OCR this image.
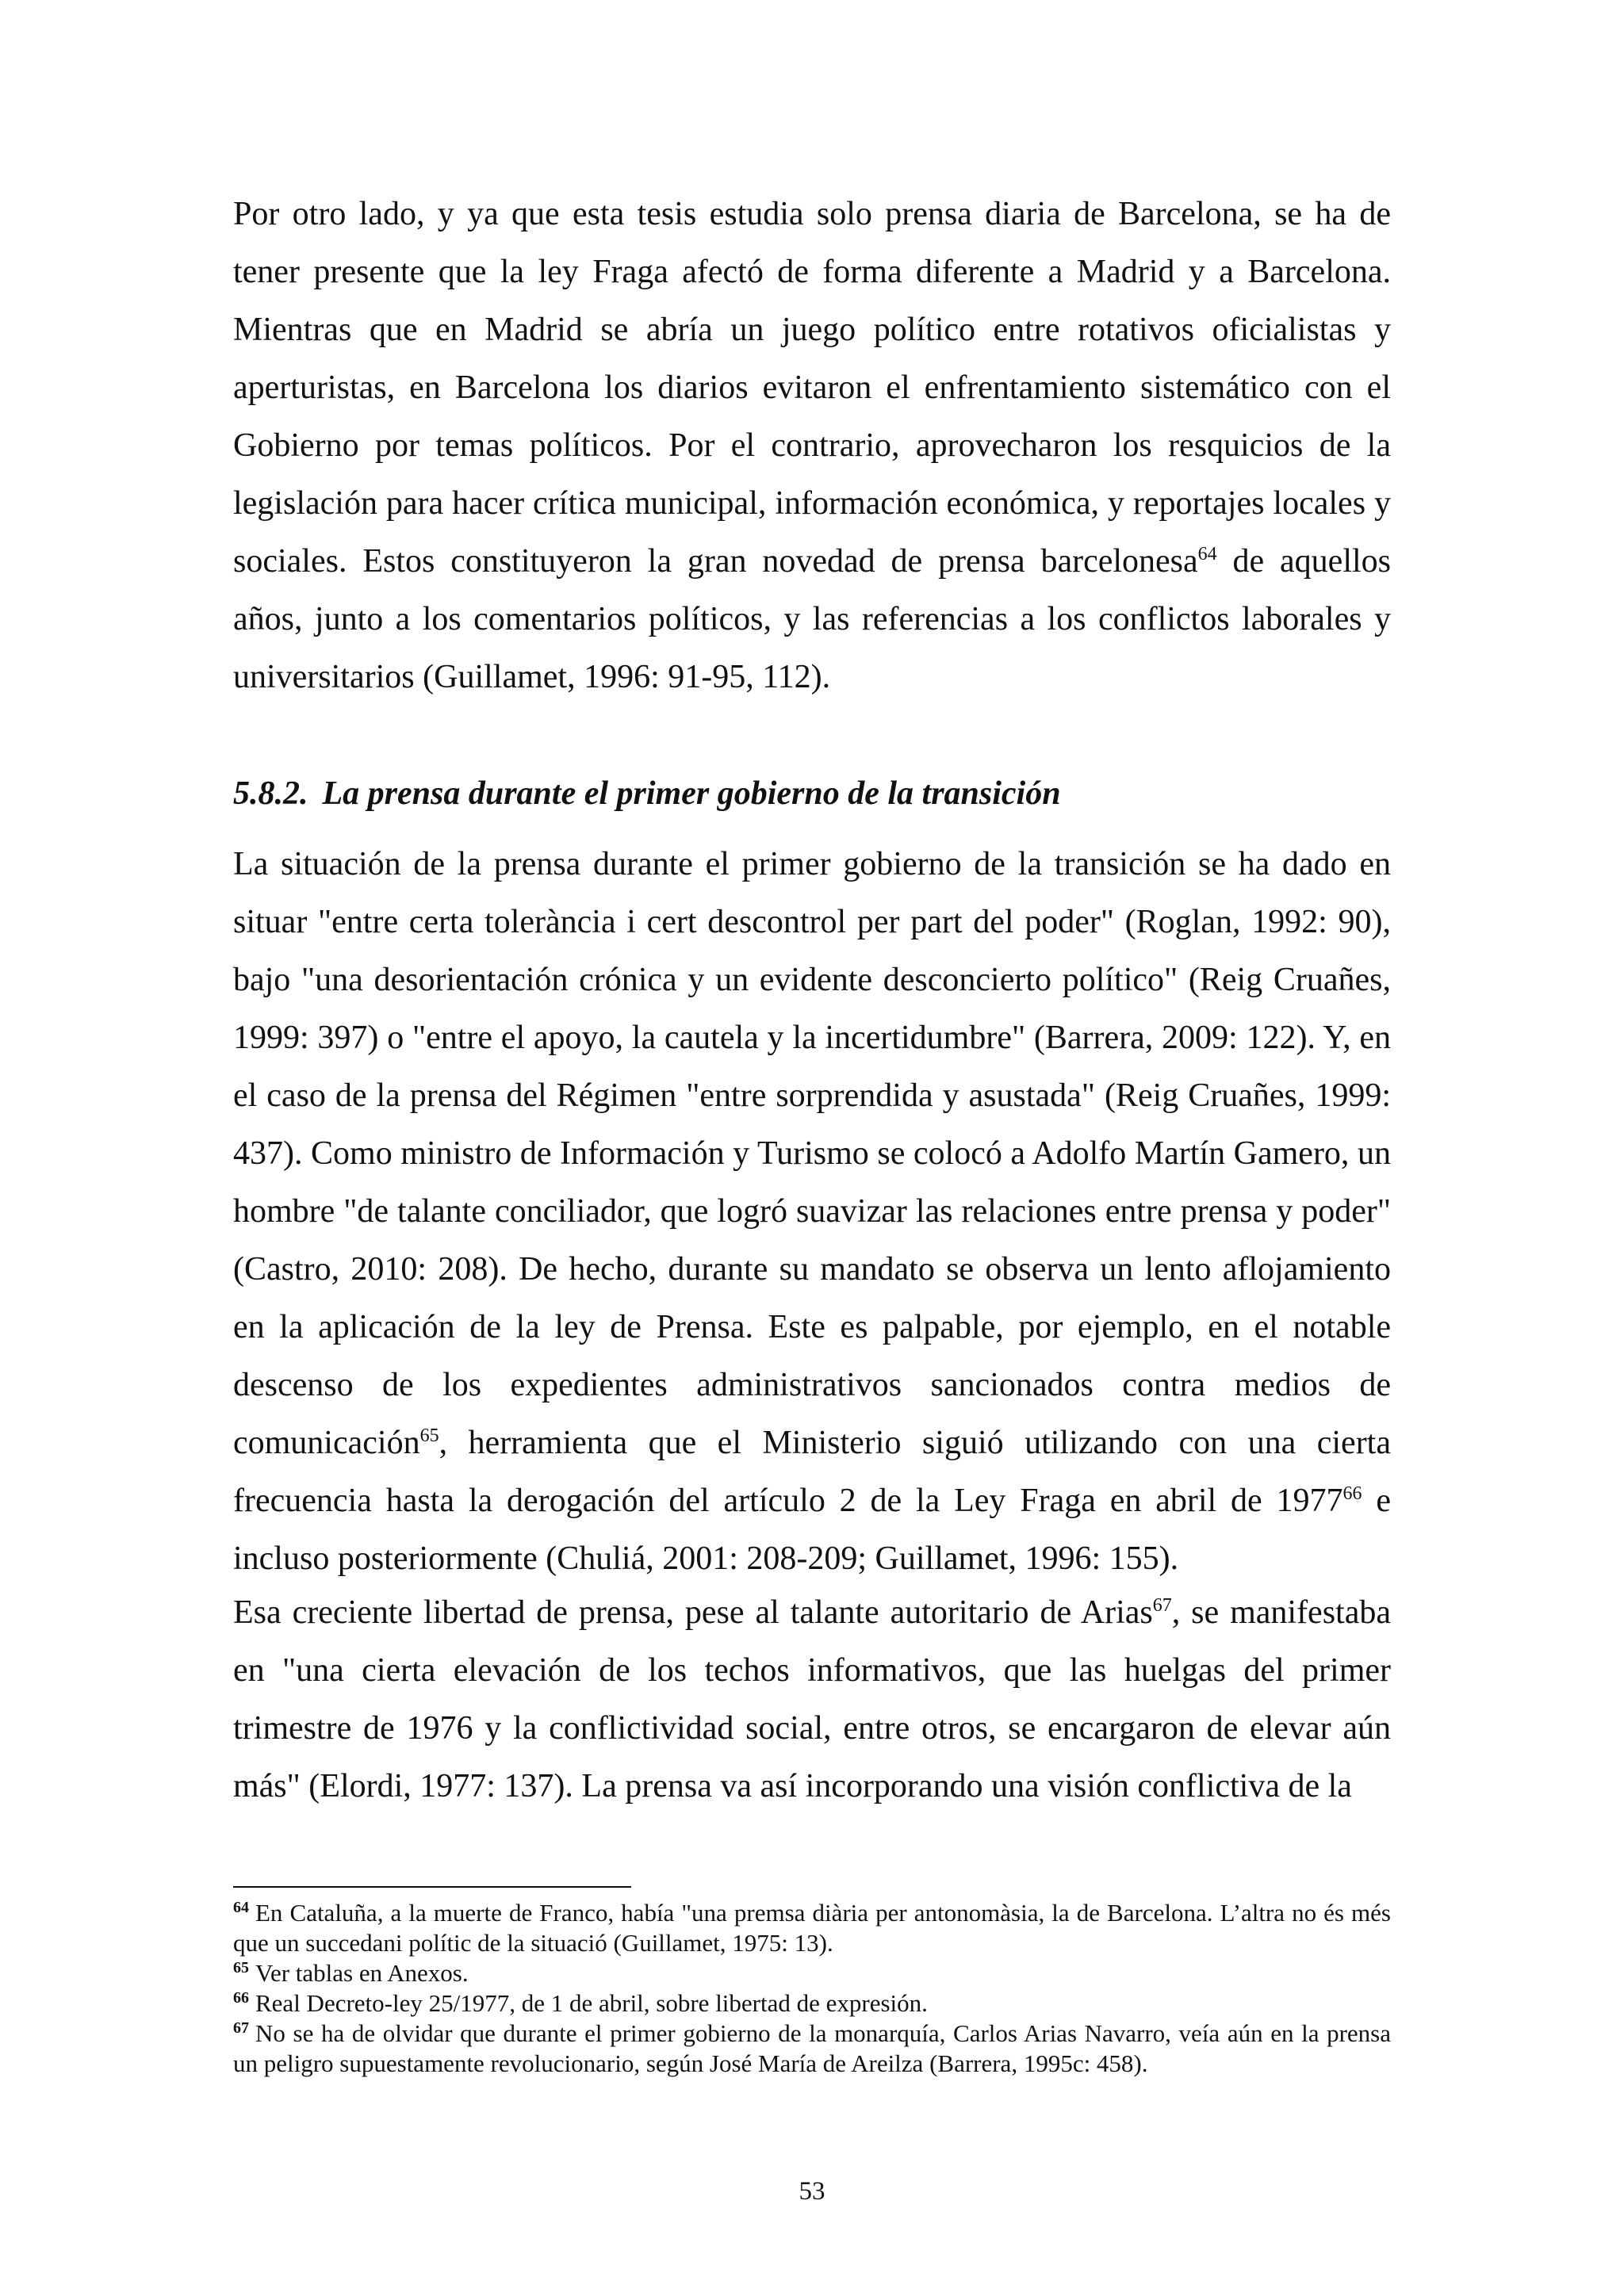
Por otro lado, y ya que esta tesis estudia solo prensa diaria de Barcelona, se ha de tener presente que la ley Fraga afectó de forma diferente a Madrid y a Barcelona. Mientras que en Madrid se abría un juego político entre rotativos oficialistas y aperturistas, en Barcelona los diarios evitaron el enfrentamiento sistemático con el Gobierno por temas políticos. Por el contrario, aprovecharon los resquicios de la legislación para hacer crítica municipal, información económica, y reportajes locales y sociales. Estos constituyeron la gran novedad de prensa barcelonesa$^{64}$ de aquellos años, junto a los comentarios políticos, y las referencias a los conflictos laborales y universitarios (Guillamet, 1996: 91-95, 112).

5.8.2. La prensa durante el primer gobierno de la transición

La situación de la prensa durante el primer gobierno de la transición se ha dado en situar "entre certa tolerància i cert descontrol per part del poder" (Roglan, 1992: 90), bajo "una desorientación crónica y un evidente desconcierto político" (Reig Cruañes, 1999: 397) o "entre el apoyo, la cautela y la incertidumbre" (Barrera, 2009: 122). Y, en el caso de la prensa del Régimen "entre sorprendida y asustada" (Reig Cruañes, 1999: 437). Como ministro de Información y Turismo se colocó a Adolfo Martín Gamero, un hombre "de talante conciliador, que logró suavizar las relaciones entre prensa y poder" (Castro, 2010: 208). De hecho, durante su mandato se observa un lento aflojamiento en la aplicación de la ley de Prensa. Este es palpable, por ejemplo, en el notable descenso de los expedientes administrativos sancionados contra medios de comunicación$^{65}$, herramienta que el Ministerio siguió utilizando con una cierta frecuencia hasta la derogación del artículo 2 de la Ley Fraga en abril de 1977$^{66}$ e incluso posteriormente (Chuliá, 2001: 208-209; Guillamet, 1996: 155).

Esa creciente libertad de prensa, pese al talante autoritario de Arias$^{67}$, se manifestaba en "una cierta elevación de los techos informativos, que las huelgas del primer trimestre de 1976 y la conflictividad social, entre otros, se encargaron de elevar aún más" (Elordi, 1977: 137). La prensa va así incorporando una visión conflictiva de la

$^{64}$ En Cataluña, a la muerte de Franco, había "una premsa diària per antonomàsia, la de Barcelona. L’altra no és més que un succedani polític de la situació (Guillamet, 1975: 13).

$^{65}$ Ver tablas en Anexos.

$^{66}$ Real Decreto-ley 25/1977, de 1 de abril, sobre libertad de expresión.

$^{67}$ No se ha de olvidar que durante el primer gobierno de la monarquía, Carlos Arias Navarro, veía aún en la prensa un peligro supuestamente revolucionario, según José María de Areilza (Barrera, 1995c: 458).

53
